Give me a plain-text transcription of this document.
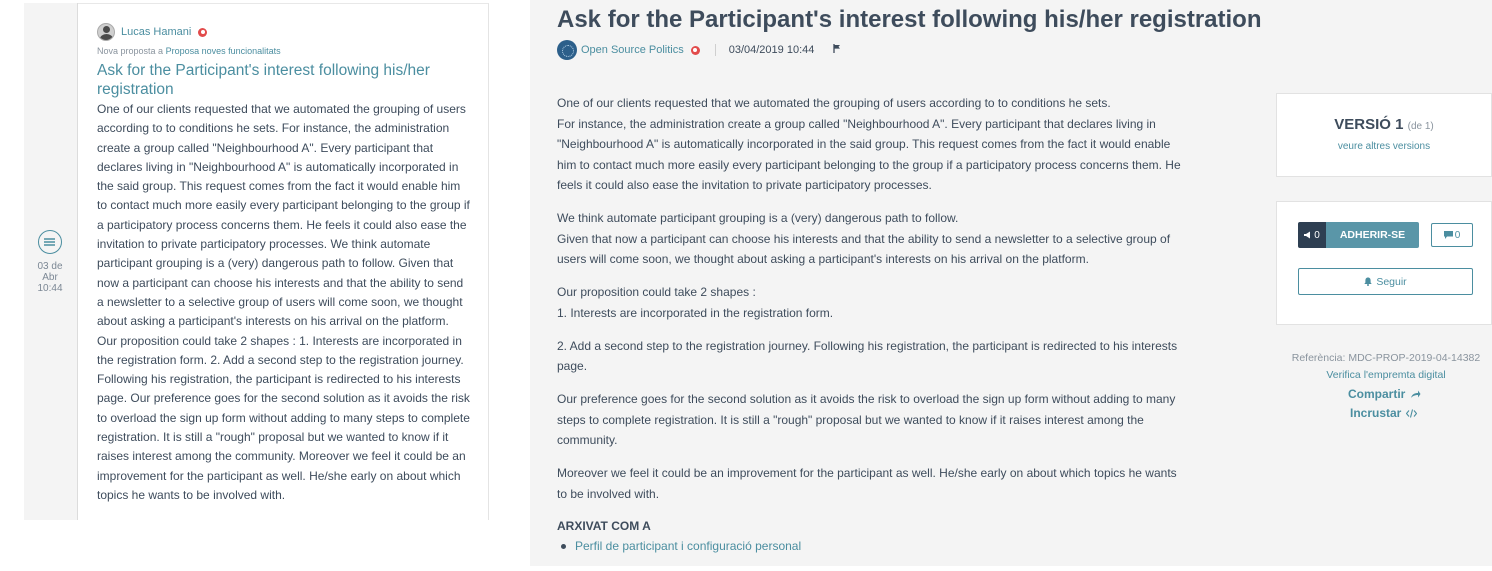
03 de
Abr
10:44
Lucas Hamani
Nova proposta a Proposa noves funcionalitats
Ask for the Participant's interest following his/her registration
One of our clients requested that we automated the grouping of users according to to conditions he sets. For instance, the administration create a group called "Neighbourhood A". Every participant that declares living in "Neighbourhood A" is automatically incorporated in the said group. This request comes from the fact it would enable him to contact much more easily every participant belonging to the group if a participatory process concerns them. He feels it could also ease the invitation to private participatory processes. We think automate participant grouping is a (very) dangerous path to follow. Given that now a participant can choose his interests and that the ability to send a newsletter to a selective group of users will come soon, we thought about asking a participant's interests on his arrival on the platform. Our proposition could take 2 shapes : 1. Interests are incorporated in the registration form. 2. Add a second step to the registration journey. Following his registration, the participant is redirected to his interests page. Our preference goes for the second solution as it avoids the risk to overload the sign up form without adding to many steps to complete registration. It is still a "rough" proposal but we wanted to know if it raises interest among the community. Moreover we feel it could be an improvement for the participant as well. He/she early on about which topics he wants to be involved with.
Ask for the Participant's interest following his/her registration
Open Source Politics	03/04/2019 10:44

One of our clients requested that we automated the grouping of users according to to conditions he sets.
For instance, the administration create a group called "Neighbourhood A". Every participant that declares living in "Neighbourhood A" is automatically incorporated in the said group. This request comes from the fact it would enable him to contact much more easily every participant belonging to the group if a participatory process concerns them. He feels it could also ease the invitation to private participatory processes.

We think automate participant grouping is a (very) dangerous path to follow.
Given that now a participant can choose his interests and that the ability to send a newsletter to a selective group of users will come soon, we thought about asking a participant's interests on his arrival on the platform.

Our proposition could take 2 shapes :
1. Interests are incorporated in the registration form.

2. Add a second step to the registration journey. Following his registration, the participant is redirected to his interests page.

Our preference goes for the second solution as it avoids the risk to overload the sign up form without adding to many steps to complete registration. It is still a "rough" proposal but we wanted to know if it raises interest among the community.

Moreover we feel it could be an improvement for the participant as well. He/she early on about which topics he wants to be involved with.

ARXIVAT COM A
Perfil de participant i configuració personal
VERSIÓ 1 (de 1)
veure altres versions
0	ADHERIR-SE	0
Seguir
Referència: MDC-PROP-2019-04-14382
Verifica l'empremta digital
Compartir
Incrustar
